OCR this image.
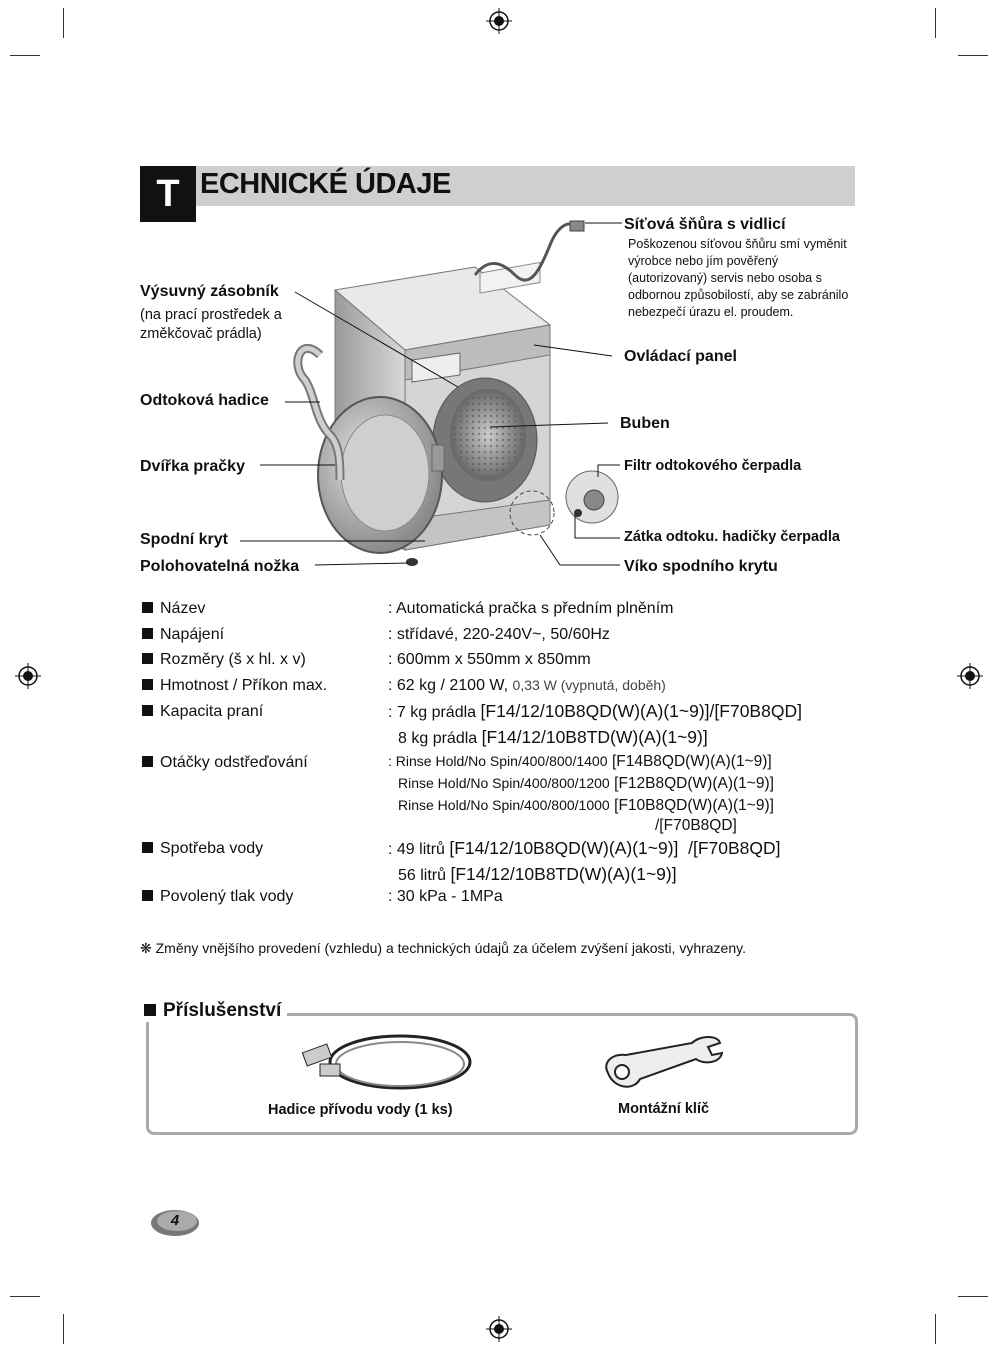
T ECHNICKÉ ÚDAJE
Síťová šňůra s vidlicí
Poškozenou síťovou šňůru smí vyměnit
výrobce nebo jím pověřený
(autorizovaný) servis nebo osoba s
odbornou způsobilostí, aby se zabránilo
nebezpečí úrazu el. proudem.
Výsuvný zásobník
(na prací prostředek a
změkčovač prádla)
Ovládací panel
Odtoková hadice
Buben
Dvířka pračky	Filtr odtokového čerpadla
Spodní kryt	Zátka odtoku. hadičky čerpadla
Polohovatelná nožka	Víko spodního krytu
Název	: Automatická pračka s předním plněním
Napájení	: střídavé, 220-240V~, 50/60Hz
Rozměry (š x hl. x v)	: 600mm x 550mm x 850mm
Hmotnost / Příkon max.	: 62 kg / 2100 W, 0,33 W (vypnutá, doběh)
Kapacita praní	: 7 kg prádla [F14/12/10B8QD(W)(A)(1~9)]/[F70B8QD]
8 kg prádla [F14/12/10B8TD(W)(A)(1~9)]
Otáčky odstřeďování	: Rinse Hold/No Spin/400/800/1400 [F14B8QD(W)(A)(1~9)]
Rinse Hold/No Spin/400/800/1200 [F12B8QD(W)(A)(1~9)]
Rinse Hold/No Spin/400/800/1000 [F10B8QD(W)(A)(1~9)]
/[F70B8QD]
Spotřeba vody	: 49 litrů [F14/12/10B8QD(W)(A)(1~9)]  /[F70B8QD]
56 litrů [F14/12/10B8TD(W)(A)(1~9)]
Povolený tlak vody	: 30 kPa - 1MPa
❋ Změny vnějšího provedení (vzhledu) a technických údajů za účelem zvýšení jakosti, vyhrazeny.
Příslušenství
Hadice přívodu vody (1 ks)	Montážní klíč
4
